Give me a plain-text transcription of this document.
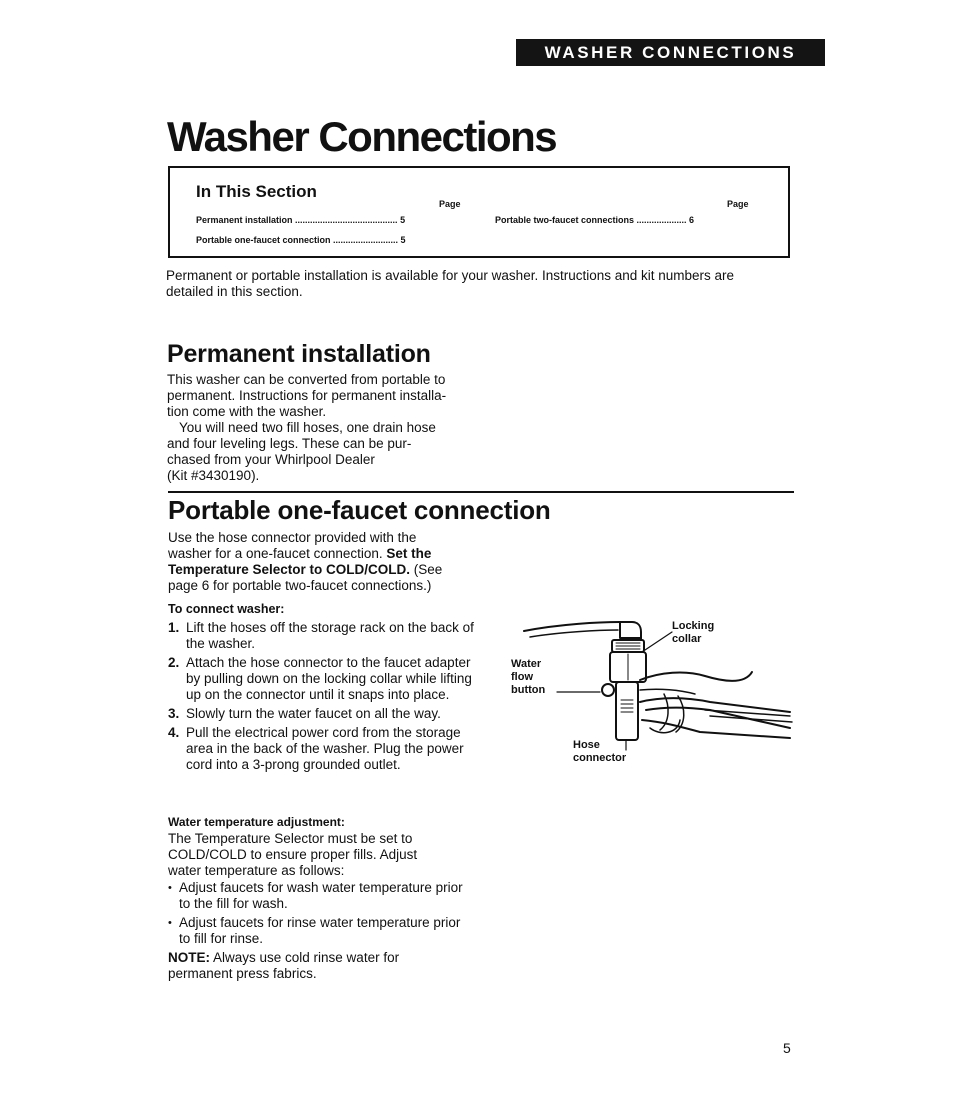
WASHER CONNECTIONS
Washer Connections
In This Section
Page	Page
Permanent installation ......................................... 5
Portable one-faucet connection .......................... 5
Portable two-faucet connections .................... 6
Permanent or portable installation is available for your washer. Instructions and kit numbers are
detailed in this section.
Permanent installation
This washer can be converted from portable to
permanent. Instructions for permanent installa-
tion come with the washer.
You will need two fill hoses, one drain hose
and four leveling legs. These can be pur-
chased from your Whirlpool Dealer
(Kit #3430190).
Portable one-faucet connection
Use the hose connector provided with the
washer for a one-faucet connection. Set the
Temperature Selector to COLD/COLD. (See
page 6 for portable two-faucet connections.)
To connect washer:
1. Lift the hoses off the storage rack on the back of the washer.
2. Attach the hose connector to the faucet adapter by pulling down on the locking collar while lifting up on the connector until it snaps into place.
3. Slowly turn the water faucet on all the way.
4. Pull the electrical power cord from the storage area in the back of the washer. Plug the power cord into a 3-prong grounded outlet.
Water temperature adjustment:
The Temperature Selector must be set to
COLD/COLD to ensure proper fills. Adjust
water temperature as follows:
• Adjust faucets for wash water temperature prior to the fill for wash.
• Adjust faucets for rinse water temperature prior to fill for rinse.
NOTE: Always use cold rinse water for
permanent press fabrics.
Locking
collar
Water
flow
button
Hose
connector
5
